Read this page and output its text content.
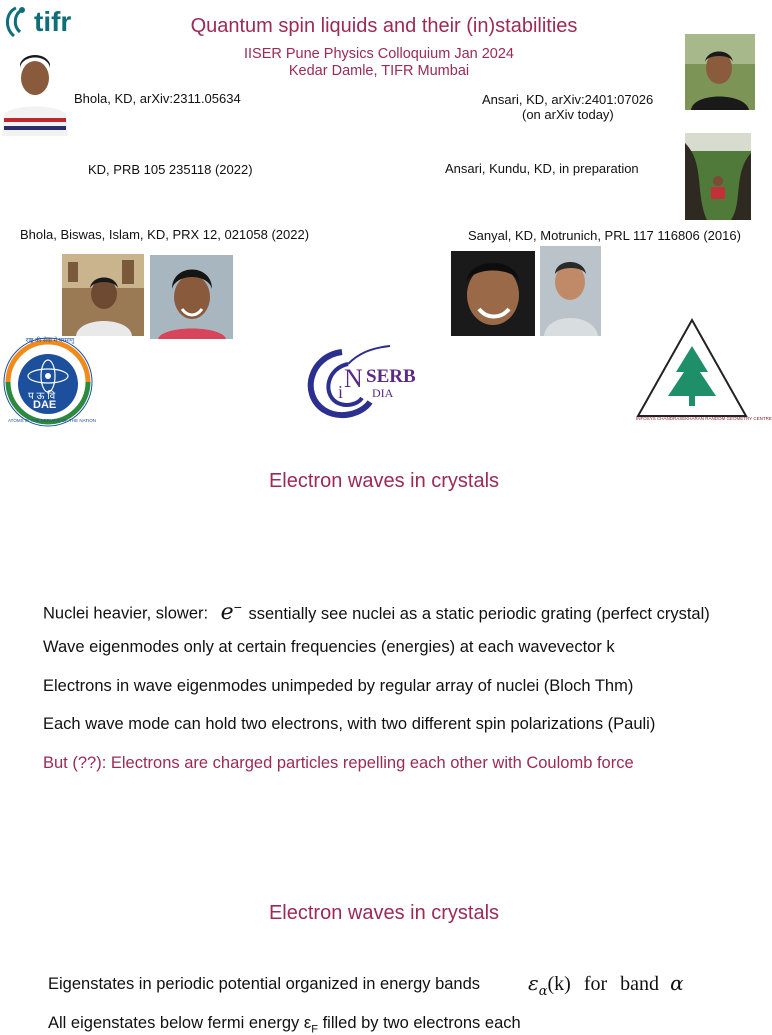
tifr	Quantum spin liquids and their (in)stabilities
IISER Pune Physics Colloquium Jan 2024
Kedar Damle, TIFR Mumbai
Bhola, KD, arXiv:2311.05634	Ansari, KD, arXiv:2401:07026
(on arXiv today)
KD, PRB 105 235118 (2022)	Ansari, Kundu, KD, in preparation
Bhola, Biswas, Islam, KD, PRX 12, 021058 (2022)	Sanyal, KD, Motrunich, PRL 117 116806 (2016)
प ऊ वि
DAE
राष्ट्र की सेवा में परमाणु
ATOMS IN THE SERVICE OF THE NATION
i N SERB
DIA
INFOSYS CHANDRASEKHARAN RANDOM GEOMETRY CENTRE
Electron waves in crystals
Nuclei heavier, slower: e− ssentially see nuclei as a static periodic grating (perfect crystal)
Wave eigenmodes only at certain frequencies (energies) at each wavevector k
Electrons in wave eigenmodes unimpeded by regular array of nuclei (Bloch Thm)
Each wave mode can hold two electrons, with two different spin polarizations (Pauli)
But (??): Electrons are charged particles repelling each other with Coulomb force
Electron waves in crystals
Eigenstates in periodic potential organized in energy bands $\varepsilon_\alpha(k)$ for band α
All eigenstates below fermi energy $\varepsilon_F$ filled by two electrons each
